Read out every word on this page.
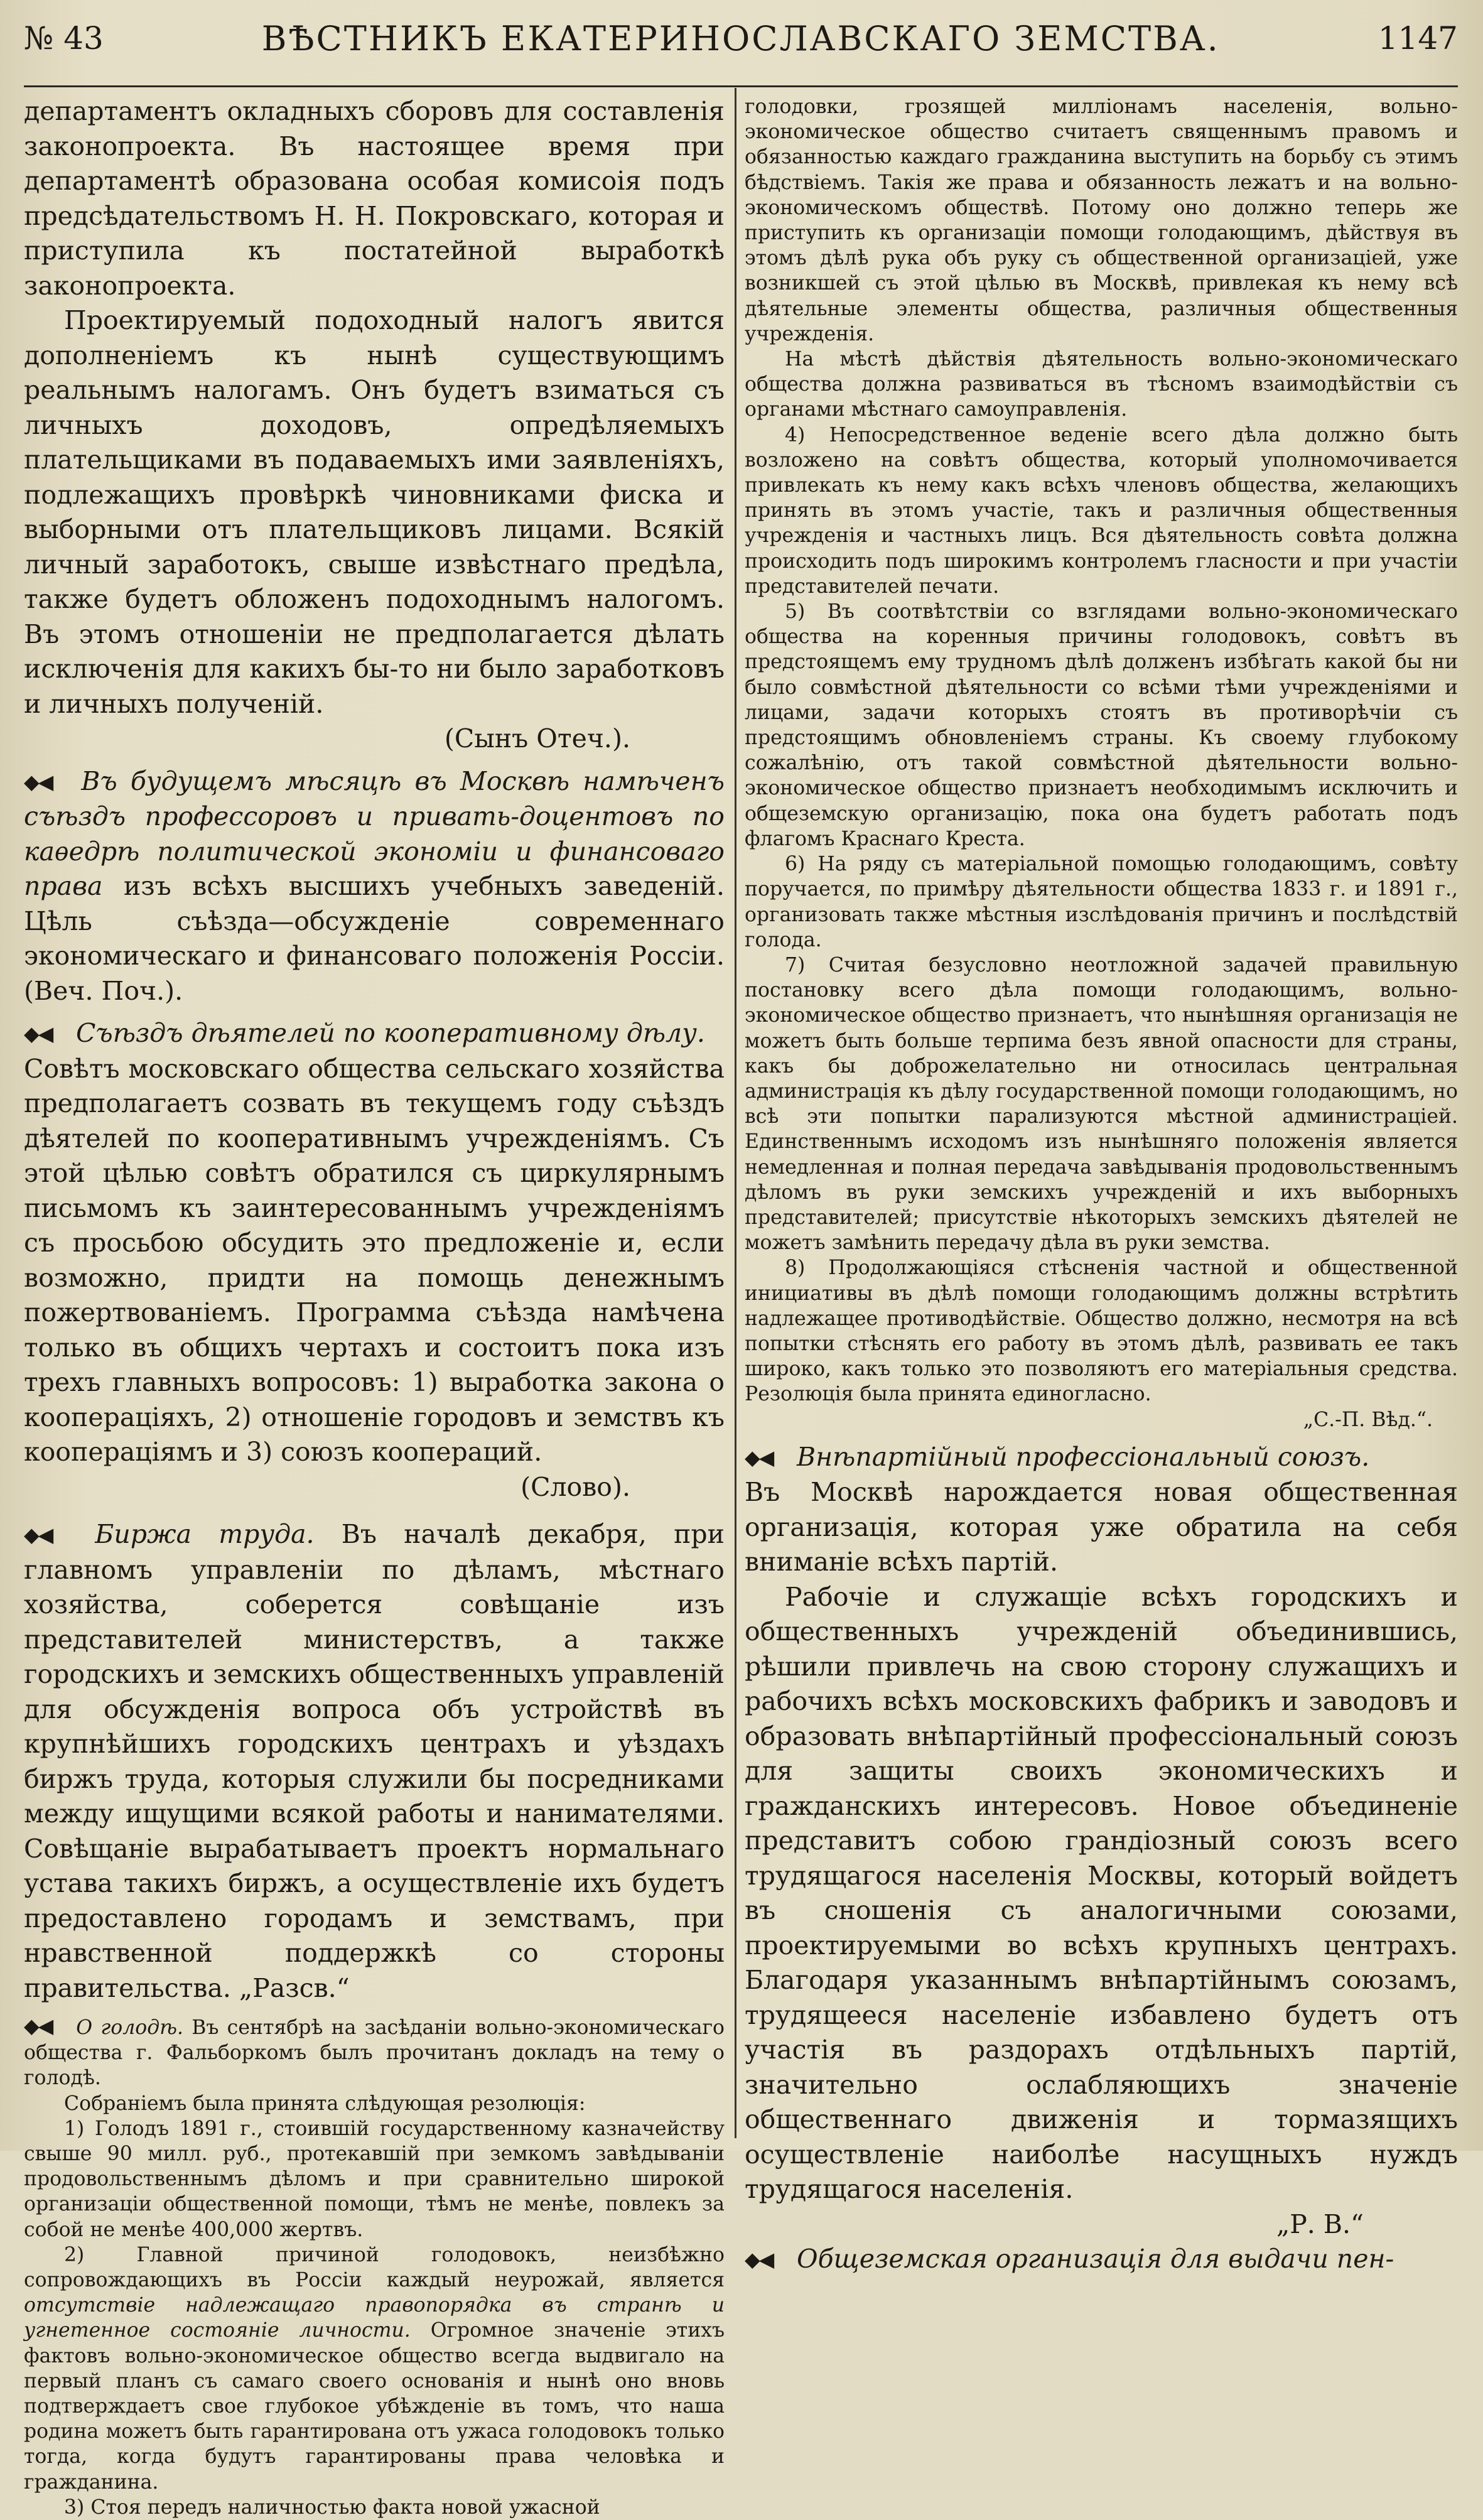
№ 43	ВѢСТНИКЪ ЕКАТЕРИНОСЛАВСКАГО ЗЕМСТВА.	1147

департаментъ окладныхъ сборовъ для составленія законопроекта. Въ настоящее время при департаментѣ образована особая комисоія подъ предсѣдательствомъ Н. Н. Покровскаго, которая и приступила къ постатейной выработкѣ законопроекта.

Проектируемый подоходный налогъ явится дополненіемъ къ нынѣ существующимъ реальнымъ налогамъ. Онъ будетъ взиматься съ личныхъ доходовъ, опредѣляемыхъ плательщиками въ подаваемыхъ ими заявленіяхъ, подлежащихъ провѣркѣ чиновниками фиска и выборными отъ плательщиковъ лицами. Всякій личный заработокъ, свыше извѣстнаго предѣла, также будетъ обложенъ подоходнымъ налогомъ. Въ этомъ отношеніи не предполагается дѣлать исключенія для какихъ бы-то ни было заработковъ и личныхъ полученій.

(Сынъ Отеч.).

◆◀ Въ будущемъ мѣсяцѣ въ Москвѣ намѣченъ съѣздъ профессоровъ и привать-доцентовъ по каѳедрѣ политической экономіи и финансоваго права изъ всѣхъ высшихъ учебныхъ заведеній. Цѣль съѣзда—обсужденіе современнаго экономическаго и финансоваго положенія Россіи. (Веч. Поч.).

◆◀ Съѣздъ дѣятелей по кооперативному дѣлу.

Совѣтъ московскаго общества сельскаго хозяйства предполагаетъ созвать въ текущемъ году съѣздъ дѣятелей по кооперативнымъ учрежденіямъ. Съ этой цѣлью совѣтъ обратился съ циркулярнымъ письмомъ къ заинтересованнымъ учрежденіямъ съ просьбою обсудить это предложеніе и, если возможно, придти на помощь денежнымъ пожертвованіемъ. Программа съѣзда намѣчена только въ общихъ чертахъ и состоитъ пока изъ трехъ главныхъ вопросовъ: 1) выработка закона о кооперацiяхъ, 2) отношеніе городовъ и земствъ къ кооперацiямъ и 3) союзъ коопераций.

(Слово).

◆◀ Биржа труда. Въ началѣ декабря, при главномъ управленіи по дѣламъ, мѣстнаго хозяйства, соберется совѣщаніе изъ представителей министерствъ, а также городскихъ и земскихъ общественныхъ управленій для обсужденія вопроса объ устройствѣ въ крупнѣйшихъ городскихъ центрахъ и уѣздахъ биржъ труда, которыя служили бы посредниками между ищущими всякой работы и нанимателями. Совѣщаніе вырабатываетъ проектъ нормальнаго устава такихъ биржъ, а осуществленіе ихъ будетъ предоставлено городамъ и земствамъ, при нравственной поддержкѣ со стороны правительства. „Разсв.“

◆◀ О голодѣ. Въ сентябрѣ на засѣданіи вольно-экономическаго общества г. Фальборкомъ былъ прочитанъ докладъ на тему о голодѣ.

Собраніемъ была принята слѣдующая резолюція:

1) Голодъ 1891 г., стоившій государственному казначейству свыше 90 милл. руб., протекавшій при земкомъ завѣдываніи продовольственнымъ дѣломъ и при сравнительно широкой организаціи общественной помощи, тѣмъ не менѣе, повлекъ за собой не менѣе 400,000 жертвъ.

2) Главной причиной голодовокъ, неизбѣжно сопровождающихъ въ Россіи каждый неурожай, является отсутствіе надлежащаго правопорядка въ странѣ и угнетенное состояніе личности. Огромное значеніе этихъ фактовъ вольно-экономическое общество всегда выдвигало на первый планъ съ самаго своего основанія и нынѣ оно вновь подтверждаетъ свое глубокое убѣжденіе въ томъ, что наша родина можетъ быть гарантирована отъ ужаса голодовокъ только тогда, когда будутъ гарантированы права человѣка и гражданина.

3) Стоя передъ наличностью факта новой ужасной

голодовки, грозящей милліонамъ населенія, вольно-экономическое общество считаетъ священнымъ правомъ и обязанностью каждаго гражданина выступить на борьбу съ этимъ бѣдствіемъ. Такія же права и обязанность лежатъ и на вольно-экономическомъ обществѣ. Потому оно должно теперь же приступить къ организаціи помощи голодающимъ, дѣйствуя въ этомъ дѣлѣ рука объ руку съ общественной организаціей, уже возникшей съ этой цѣлью въ Москвѣ, привлекая къ нему всѣ дѣятельные элементы общества, различныя общественныя учрежденія.

На мѣстѣ дѣйствія дѣятельность вольно-экономическаго общества должна развиваться въ тѣсномъ взаимодѣйствіи съ органами мѣстнаго самоуправленія.

4) Непосредственное веденіе всего дѣла должно быть возложено на совѣтъ общества, который уполномочивается привлекать къ нему какъ всѣхъ членовъ общества, желающихъ принять въ этомъ участіе, такъ и различныя общественныя учрежденія и частныхъ лицъ. Вся дѣятельность совѣта должна происходить подъ широкимъ контролемъ гласности и при участіи представителей печати.

5) Въ соотвѣтствіи со взглядами вольно-экономическаго общества на коренныя причины голодовокъ, совѣтъ въ предстоящемъ ему трудномъ дѣлѣ долженъ избѣгать какой бы ни было совмѣстной дѣятельности со всѣми тѣми учрежденіями и лицами, задачи которыхъ стоятъ въ противорѣчіи съ предстоящимъ обновленіемъ страны. Къ своему глубокому сожалѣнію, отъ такой совмѣстной дѣятельности вольно-экономическое общество признаетъ необходимымъ исключить и общеземскую организацію, пока она будетъ работать подъ флагомъ Краснаго Креста.

6) На ряду съ матеріальной помощью голодающимъ, совѣту поручается, по примѣру дѣятельности общества 1833 г. и 1891 г., организовать также мѣстныя изслѣдованія причинъ и послѣдствій голода.

7) Считая безусловно неотложной задачей правильную постановку всего дѣла помощи голодающимъ, вольно-экономическое общество признаетъ, что нынѣшняя организація не можетъ быть больше терпима безъ явной опасности для страны, какъ бы доброжелательно ни относилась центральная администрація къ дѣлу государственной помощи голодающимъ, но всѣ эти попытки парализуются мѣстной администраціей. Единственнымъ исходомъ изъ нынѣшняго положенія является немедленная и полная передача завѣдыванія продовольственнымъ дѣломъ въ руки земскихъ учрежденій и ихъ выборныхъ представителей; присутствіе нѣкоторыхъ земскихъ дѣятелей не можетъ замѣнить передачу дѣла въ руки земства.

8) Продолжающіяся стѣсненія частной и общественной инициативы въ дѣлѣ помощи голодающимъ должны встрѣтить надлежащее противодѣйствіе. Общество должно, несмотря на всѣ попытки стѣснять его работу въ этомъ дѣлѣ, развивать ее такъ широко, какъ только это позволяютъ его матеріальныя средства. Резолюція была принята единогласно.

„С.-П. Вѣд.“.

◆◀ Внѣпартійный профессіональный союзъ.

Въ Москвѣ нарождается новая общественная организація, которая уже обратила на себя вниманіе всѣхъ партій.

Рабочіе и служащіе всѣхъ городскихъ и общественныхъ учрежденій объединившись, рѣшили привлечь на свою сторону служащихъ и рабочихъ всѣхъ московскихъ фабрикъ и заводовъ и образовать внѣпартійный профессіональный союзъ для защиты своихъ экономическихъ и гражданскихъ интересовъ. Новое объединеніе представитъ собою грандіозный союзъ всего трудящагося населенія Москвы, который войдетъ въ сношенія съ аналогичными союзами, проектируемыми во всѣхъ крупныхъ центрахъ. Благодаря указаннымъ внѣпартійнымъ союзамъ, трудящееся населеніе избавлено будетъ отъ участія въ раздорахъ отдѣльныхъ партій, значительно ослабляющихъ значеніе общественнаго движенія и тормазящихъ осуществленіе наиболѣе насущныхъ нуждъ трудящагося населенія.

„Р. В.“

◆◀ Общеземская организація для выдачи пен-
